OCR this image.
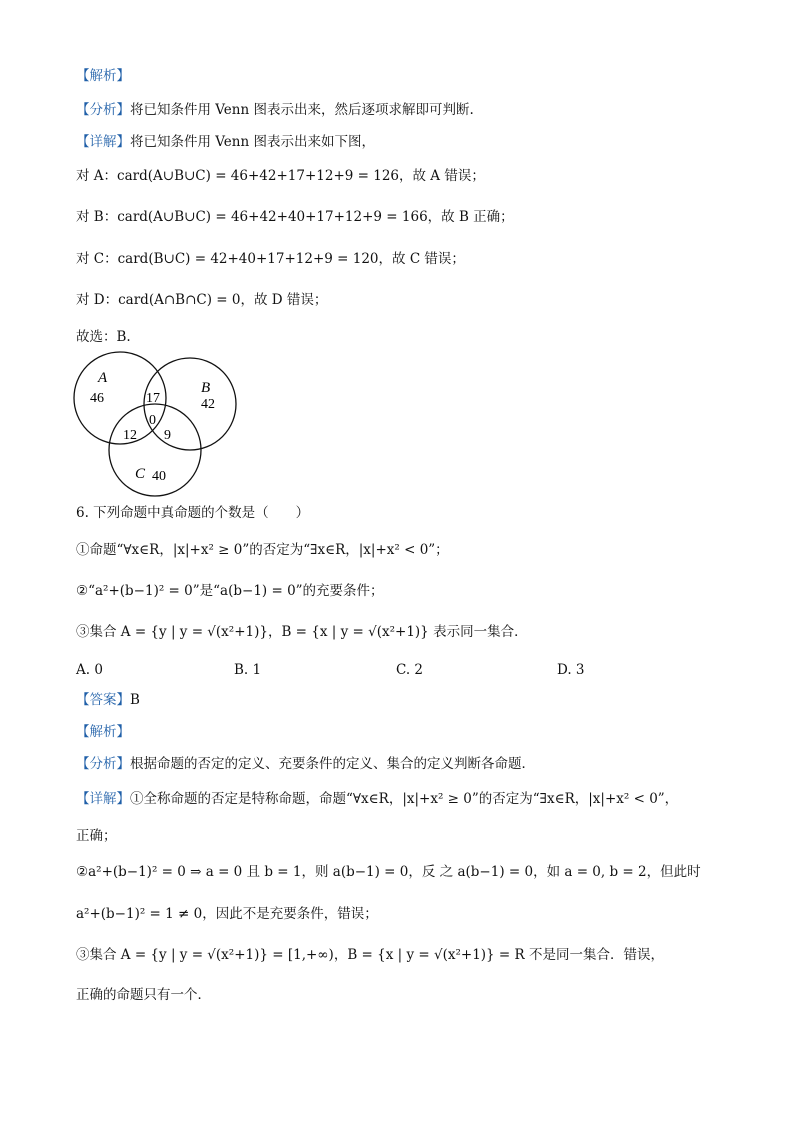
【解析】
【分析】将已知条件用 Venn 图表示出来，然后逐项求解即可判断.
【详解】将已知条件用 Venn 图表示出来如下图，
对 A：card(A∪B∪C) = 46+42+17+12+9 = 126，故 A 错误；
对 B：card(A∪B∪C) = 46+42+40+17+12+9 = 166，故 B 正确；
对 C：card(B∪C) = 42+40+17+12+9 = 120，故 C 错误；
对 D：card(A∩B∩C) = 0，故 D 错误；
故选：B.
A
B
C
46	42
40
17
12 9
0
6. 下列命题中真命题的个数是（　　）
①命题“∀x∈R，|x|+x² ≥ 0”的否定为“∃x∈R，|x|+x² < 0”；
②“a²+(b−1)² = 0”是“a(b−1) = 0”的充要条件；
③集合 A = {y | y = √(x²+1)}，B = {x | y = √(x²+1)} 表示同一集合．
A. 0	B. 1	C. 2	D. 3
【答案】B
【解析】
【分析】根据命题的否定的定义、充要条件的定义、集合的定义判断各命题．
【详解】①全称命题的否定是特称命题，命题“∀x∈R，|x|+x² ≥ 0”的否定为“∃x∈R，|x|+x² < 0”，
正确；
②a²+(b−1)² = 0 ⇒ a = 0 且 b = 1，则 a(b−1) = 0，反 之 a(b−1) = 0，如 a = 0, b = 2，但此时
a²+(b−1)² = 1 ≠ 0，因此不是充要条件，错误；
③集合 A = {y | y = √(x²+1)} = [1,+∞)，B = {x | y = √(x²+1)} = R 不是同一集合．错误，
正确的命题只有一个．
